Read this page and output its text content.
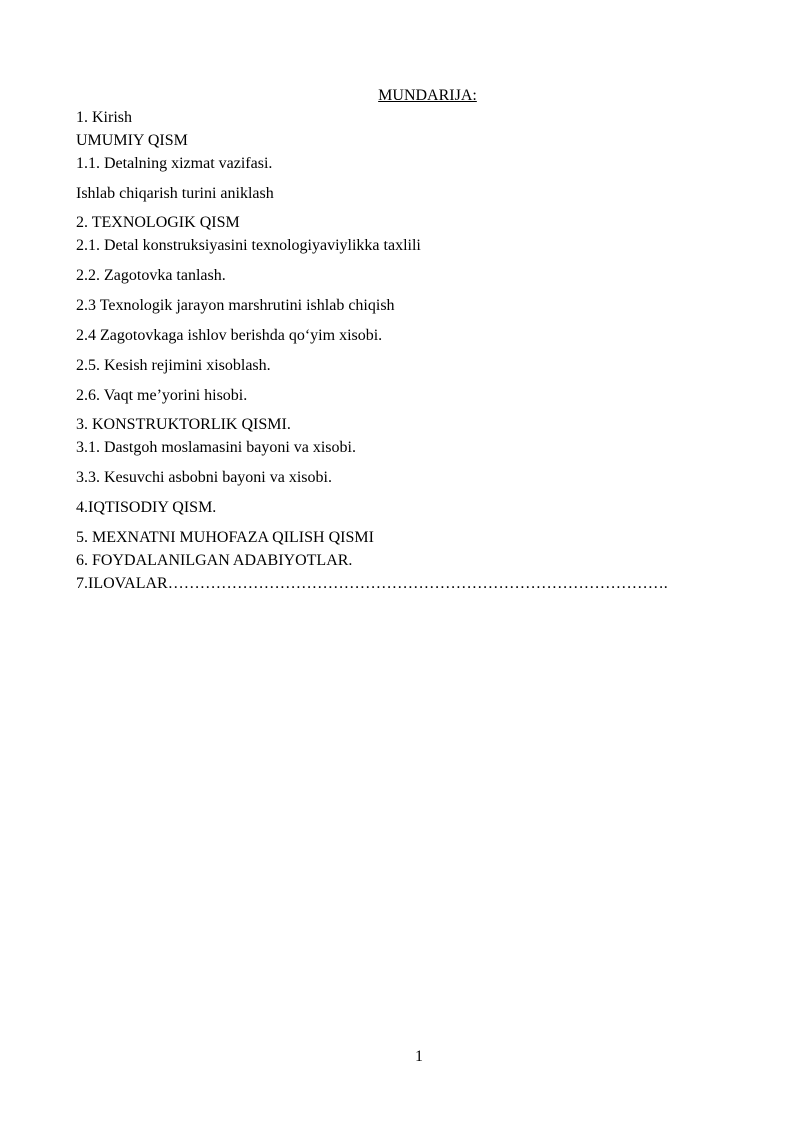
MUNDARIJA:
1. Kirish
UMUMIY QISM
1.1. Detalning xizmat vazifasi.
Ishlab chiqarish turini aniklash
2. TEXNOLOGIK QISM
2.1. Detal konstruksiyasini texnologiyaviylikka taxlili
2.2. Zagotovka tanlash.
2.3 Texnologik jarayon marshrutini ishlab chiqish
2.4 Zagotovkaga ishlov berishda qo‘yim xisobi.
2.5. Kesish rejimini xisoblash.
2.6. Vaqt me’yorini hisobi.
3. KONSTRUKTORLIK QISMI.
3.1. Dastgoh moslamasini bayoni va xisobi.
3.3. Kesuvchi asbobni bayoni va xisobi.
4.IQTISODIY QISM.
5. MEXNATNI MUHOFAZA QILISH QISMI
6. FOYDALANILGAN ADABIYOTLAR.
7.ILOVALAR………………………………………………………………………………….
1
